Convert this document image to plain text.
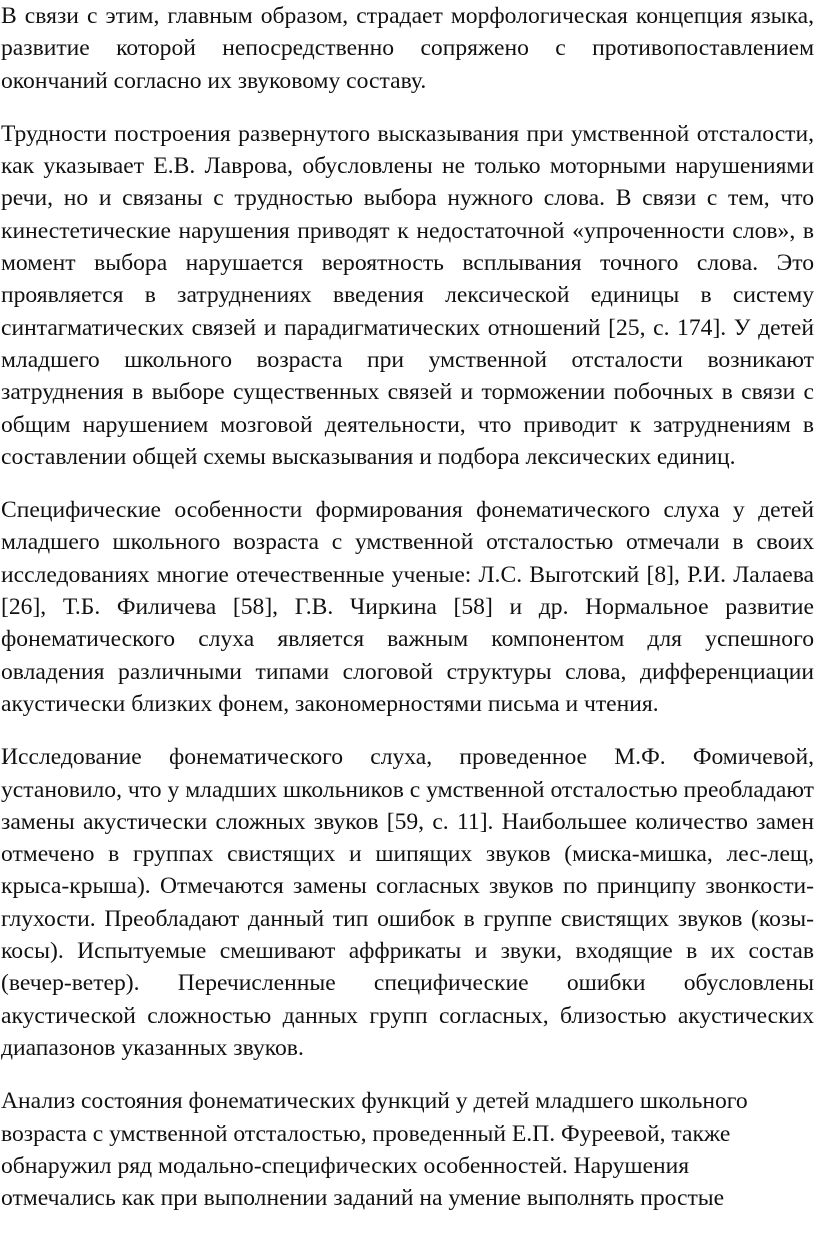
В связи с этим, главным образом, страдает морфологическая концепция языка, развитие которой непосредственно сопряжено с противопоставлением окончаний согласно их звуковому составу.

Трудности построения развернутого высказывания при умственной отсталости, как указывает Е.В. Лаврова, обусловлены не только моторными нарушениями речи, но и связаны с трудностью выбора нужного слова. В связи с тем, что кинестетические нарушения приводят к недостаточной «упроченности слов», в момент выбора нарушается вероятность всплывания точного слова. Это проявляется в затруднениях введения лексической единицы в систему синтагматических связей и парадигматических отношений [25, с. 174]. У детей младшего школьного возраста при умственной отсталости возникают затруднения в выборе существенных связей и торможении побочных в связи с общим нарушением мозговой деятельности, что приводит к затруднениям в составлении общей схемы высказывания и подбора лексических единиц.

Специфические особенности формирования фонематического слуха у детей младшего школьного возраста с умственной отсталостью отмечали в своих исследованиях многие отечественные ученые: Л.С. Выготский [8], Р.И. Лалаева [26], Т.Б. Филичева [58], Г.В. Чиркина [58] и др. Нормальное развитие фонематического слуха является важным компонентом для успешного овладения различными типами слоговой структуры слова, дифференциации акустически близких фонем, закономерностями письма и чтения.

Исследование фонематического слуха, проведенное М.Ф. Фомичевой, установило, что у младших школьников с умственной отсталостью преобладают замены акустически сложных звуков [59, с. 11]. Наибольшее количество замен отмечено в группах свистящих и шипящих звуков (миска-мишка, лес-лещ, крыса-крыша). Отмечаются замены согласных звуков по принципу звонкости-глухости. Преобладают данный тип ошибок в группе свистящих звуков (козы- косы). Испытуемые смешивают аффрикаты и звуки, входящие в их состав (вечер-ветер). Перечисленные специфические ошибки обусловлены акустической сложностью данных групп согласных, близостью акустических диапазонов указанных звуков.

Анализ состояния фонематических функций у детей младшего школьного возраста с умственной отсталостью, проведенный Е.П. Фуреевой, также обнаружил ряд модально-специфических особенностей. Нарушения отмечались как при выполнении заданий на умение выполнять простые
